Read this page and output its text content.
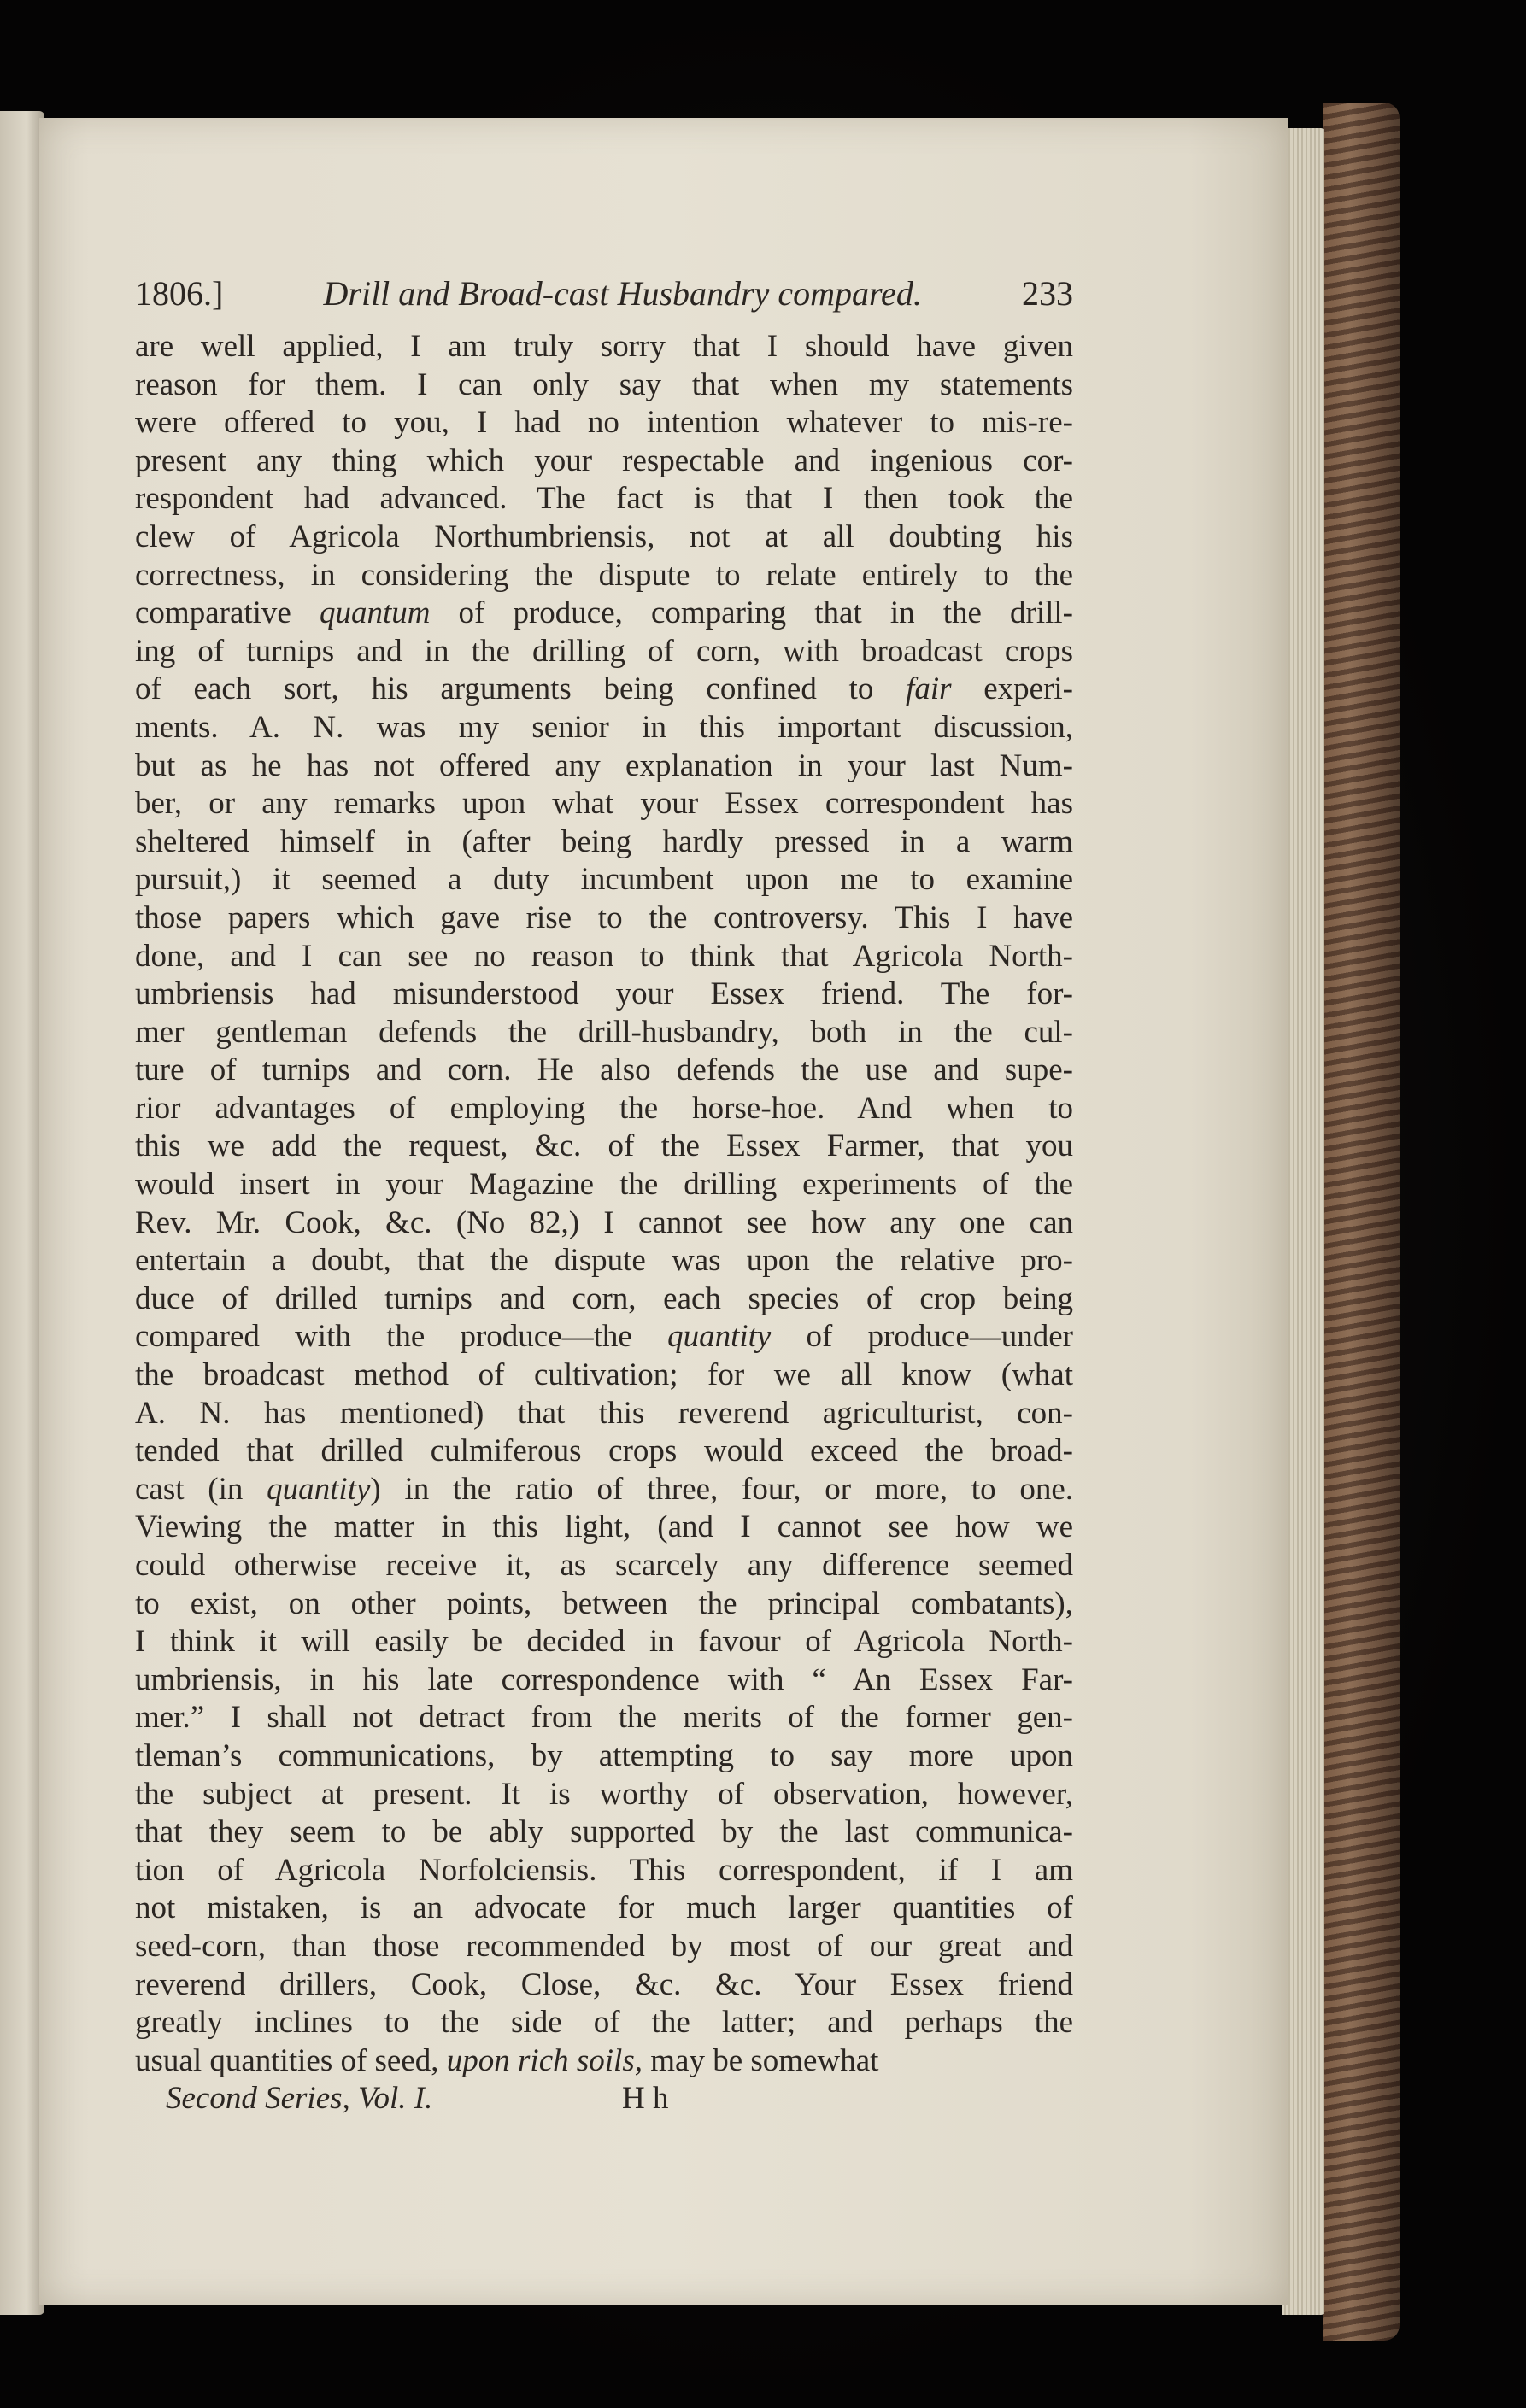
1806.]	Drill and Broad-cast Husbandry compared.	233
are well applied, I am truly sorry that I should have given
reason for them. I can only say that when my statements
were offered to you, I had no intention whatever to mis-re-
present any thing which your respectable and ingenious cor-
respondent had advanced. The fact is that I then took the
clew of Agricola Northumbriensis, not at all doubting his
correctness, in considering the dispute to relate entirely to the
comparative quantum of produce, comparing that in the drill-
ing of turnips and in the drilling of corn, with broadcast crops
of each sort, his arguments being confined to fair experi-
ments. A. N. was my senior in this important discussion,
but as he has not offered any explanation in your last Num-
ber, or any remarks upon what your Essex correspondent has
sheltered himself in (after being hardly pressed in a warm
pursuit,) it seemed a duty incumbent upon me to examine
those papers which gave rise to the controversy. This I have
done, and I can see no reason to think that Agricola North-
umbriensis had misunderstood your Essex friend. The for-
mer gentleman defends the drill-husbandry, both in the cul-
ture of turnips and corn. He also defends the use and supe-
rior advantages of employing the horse-hoe. And when to
this we add the request, &c. of the Essex Farmer, that you
would insert in your Magazine the drilling experiments of the
Rev. Mr. Cook, &c. (No 82,) I cannot see how any one can
entertain a doubt, that the dispute was upon the relative pro-
duce of drilled turnips and corn, each species of crop being
compared with the produce—the quantity of produce—under
the broadcast method of cultivation; for we all know (what
A. N. has mentioned) that this reverend agriculturist, con-
tended that drilled culmiferous crops would exceed the broad-
cast (in quantity) in the ratio of three, four, or more, to one.
Viewing the matter in this light, (and I cannot see how we
could otherwise receive it, as scarcely any difference seemed
to exist, on other points, between the principal combatants),
I think it will easily be decided in favour of Agricola North-
umbriensis, in his late correspondence with “ An Essex Far-
mer.” I shall not detract from the merits of the former gen-
tleman’s communications, by attempting to say more upon
the subject at present. It is worthy of observation, however,
that they seem to be ably supported by the last communica-
tion of Agricola Norfolciensis. This correspondent, if I am
not mistaken, is an advocate for much larger quantities of
seed-corn, than those recommended by most of our great and
reverend drillers, Cook, Close, &c. &c. Your Essex friend
greatly inclines to the side of the latter; and perhaps the
usual quantities of seed, upon rich soils, may be somewhat
Second Series, Vol. I.	H h
